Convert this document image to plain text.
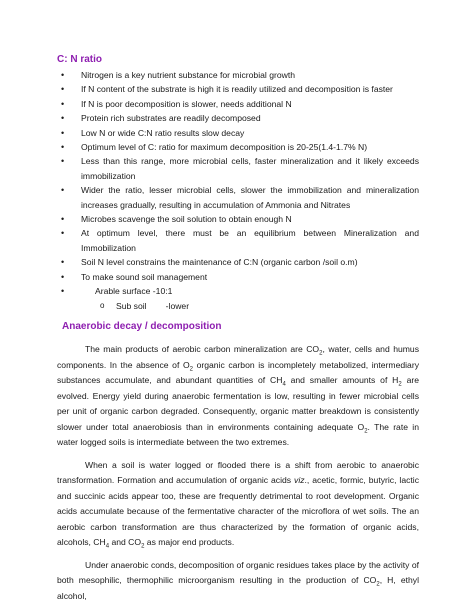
C: N ratio
• Nitrogen is a key nutrient substance for microbial growth
• If N content of the substrate is high it is readily utilized and decomposition is faster
• If N is poor decomposition is slower, needs additional N
• Protein rich substrates are readily decomposed
• Low N or wide C:N ratio results slow decay
• Optimum level of C: ratio for maximum decomposition is 20-25(1.4-1.7% N)
• Less than this range, more microbial cells, faster mineralization and it likely exceeds immobilization
• Wider the ratio, lesser microbial cells, slower the immobilization and mineralization increases gradually, resulting in accumulation of Ammonia and Nitrates
• Microbes scavenge the soil solution to obtain enough N
• At optimum level, there must be an equilibrium between Mineralization and Immobilization
• Soil N level constrains the maintenance of C:N (organic carbon /soil o.m)
• To make sound soil management
•	Arable surface -10:1
o Sub soil        -lower
Anaerobic decay / decomposition

The main products of aerobic carbon mineralization are $CO_2$, water, cells and humus components. In the absence of $O_2$ organic carbon is incompletely metabolized, intermediary substances accumulate, and abundant quantities of $CH_4$ and smaller amounts of $H_2$ are evolved. Energy yield during anaerobic fermentation is low, resulting in fewer microbial cells per unit of organic carbon degraded. Consequently, organic matter breakdown is consistently slower under total anaerobiosis than in environments containing adequate $O_2$. The rate in water logged soils is intermediate between the two extremes.

When a soil is water logged or flooded there is a shift from aerobic to anaerobic transformation. Formation and accumulation of organic acids viz., acetic, formic, butyric, lactic and succinic acids appear too, these are frequently detrimental to root development. Organic acids accumulate because of the fermentative character of the microflora of wet soils. The an aerobic carbon transformation are thus characterized by the formation of organic acids, alcohols, $CH_4$ and $CO_2$ as major end products.

Under anaerobic conds, decomposition of organic residues takes place by the activity of both mesophilic, thermophilic microorganism resulting in the production of $CO_2$, H, ethyl alcohol,
